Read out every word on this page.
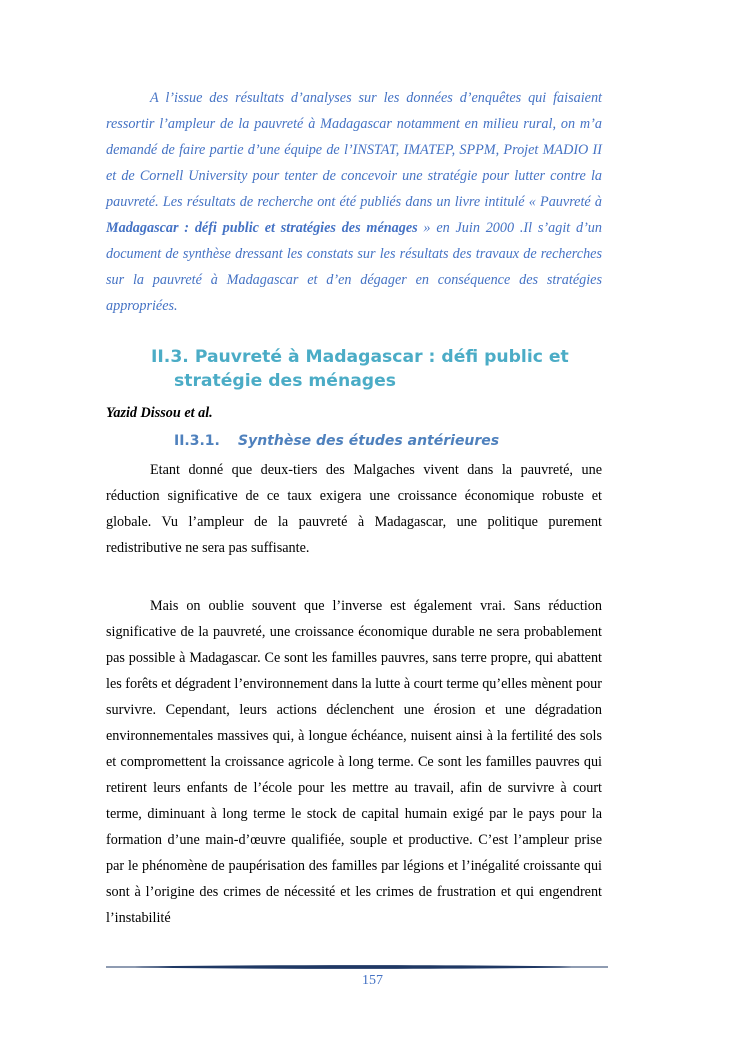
A l’issue des résultats d’analyses sur les données d’enquêtes qui faisaient ressortir l’ampleur de la pauvreté à Madagascar notamment en milieu rural, on m’a demandé de faire partie d’une équipe de l’INSTAT, IMATEP, SPPM, Projet MADIO II et de Cornell University pour tenter de concevoir une stratégie pour lutter contre la pauvreté. Les résultats de recherche ont été publiés dans un livre intitulé « Pauvreté à Madagascar : défi public et stratégies des ménages » en Juin 2000 .Il s’agit d’un document de synthèse dressant les constats sur les résultats des travaux de recherches sur la pauvreté à Madagascar et d’en dégager en conséquence des stratégies appropriées.

II.3. Pauvreté à Madagascar : défi public et stratégie des ménages
Yazid Dissou et al.
II.3.1. Synthèse des études antérieures

Etant donné que deux-tiers des Malgaches vivent dans la pauvreté, une réduction significative de ce taux exigera une croissance économique robuste et globale. Vu l’ampleur de la pauvreté à Madagascar, une politique purement redistributive ne sera pas suffisante.

Mais on oublie souvent que l’inverse est également vrai. Sans réduction significative de la pauvreté, une croissance économique durable ne sera probablement pas possible à Madagascar. Ce sont les familles pauvres, sans terre propre, qui abattent les forêts et dégradent l’environnement dans la lutte à court terme qu’elles mènent pour survivre. Cependant, leurs actions déclenchent une érosion et une dégradation environnementales massives qui, à longue échéance, nuisent ainsi à la fertilité des sols et compromettent la croissance agricole à long terme. Ce sont les familles pauvres qui retirent leurs enfants de l’école pour les mettre au travail, afin de survivre à court terme, diminuant à long terme le stock de capital humain exigé par le pays pour la formation d’une main-d’œuvre qualifiée, souple et productive. C’est l’ampleur prise par le phénomène de paupérisation des familles par légions et l’inégalité croissante qui sont à l’origine des crimes de nécessité et les crimes de frustration et qui engendrent l’instabilité

157
